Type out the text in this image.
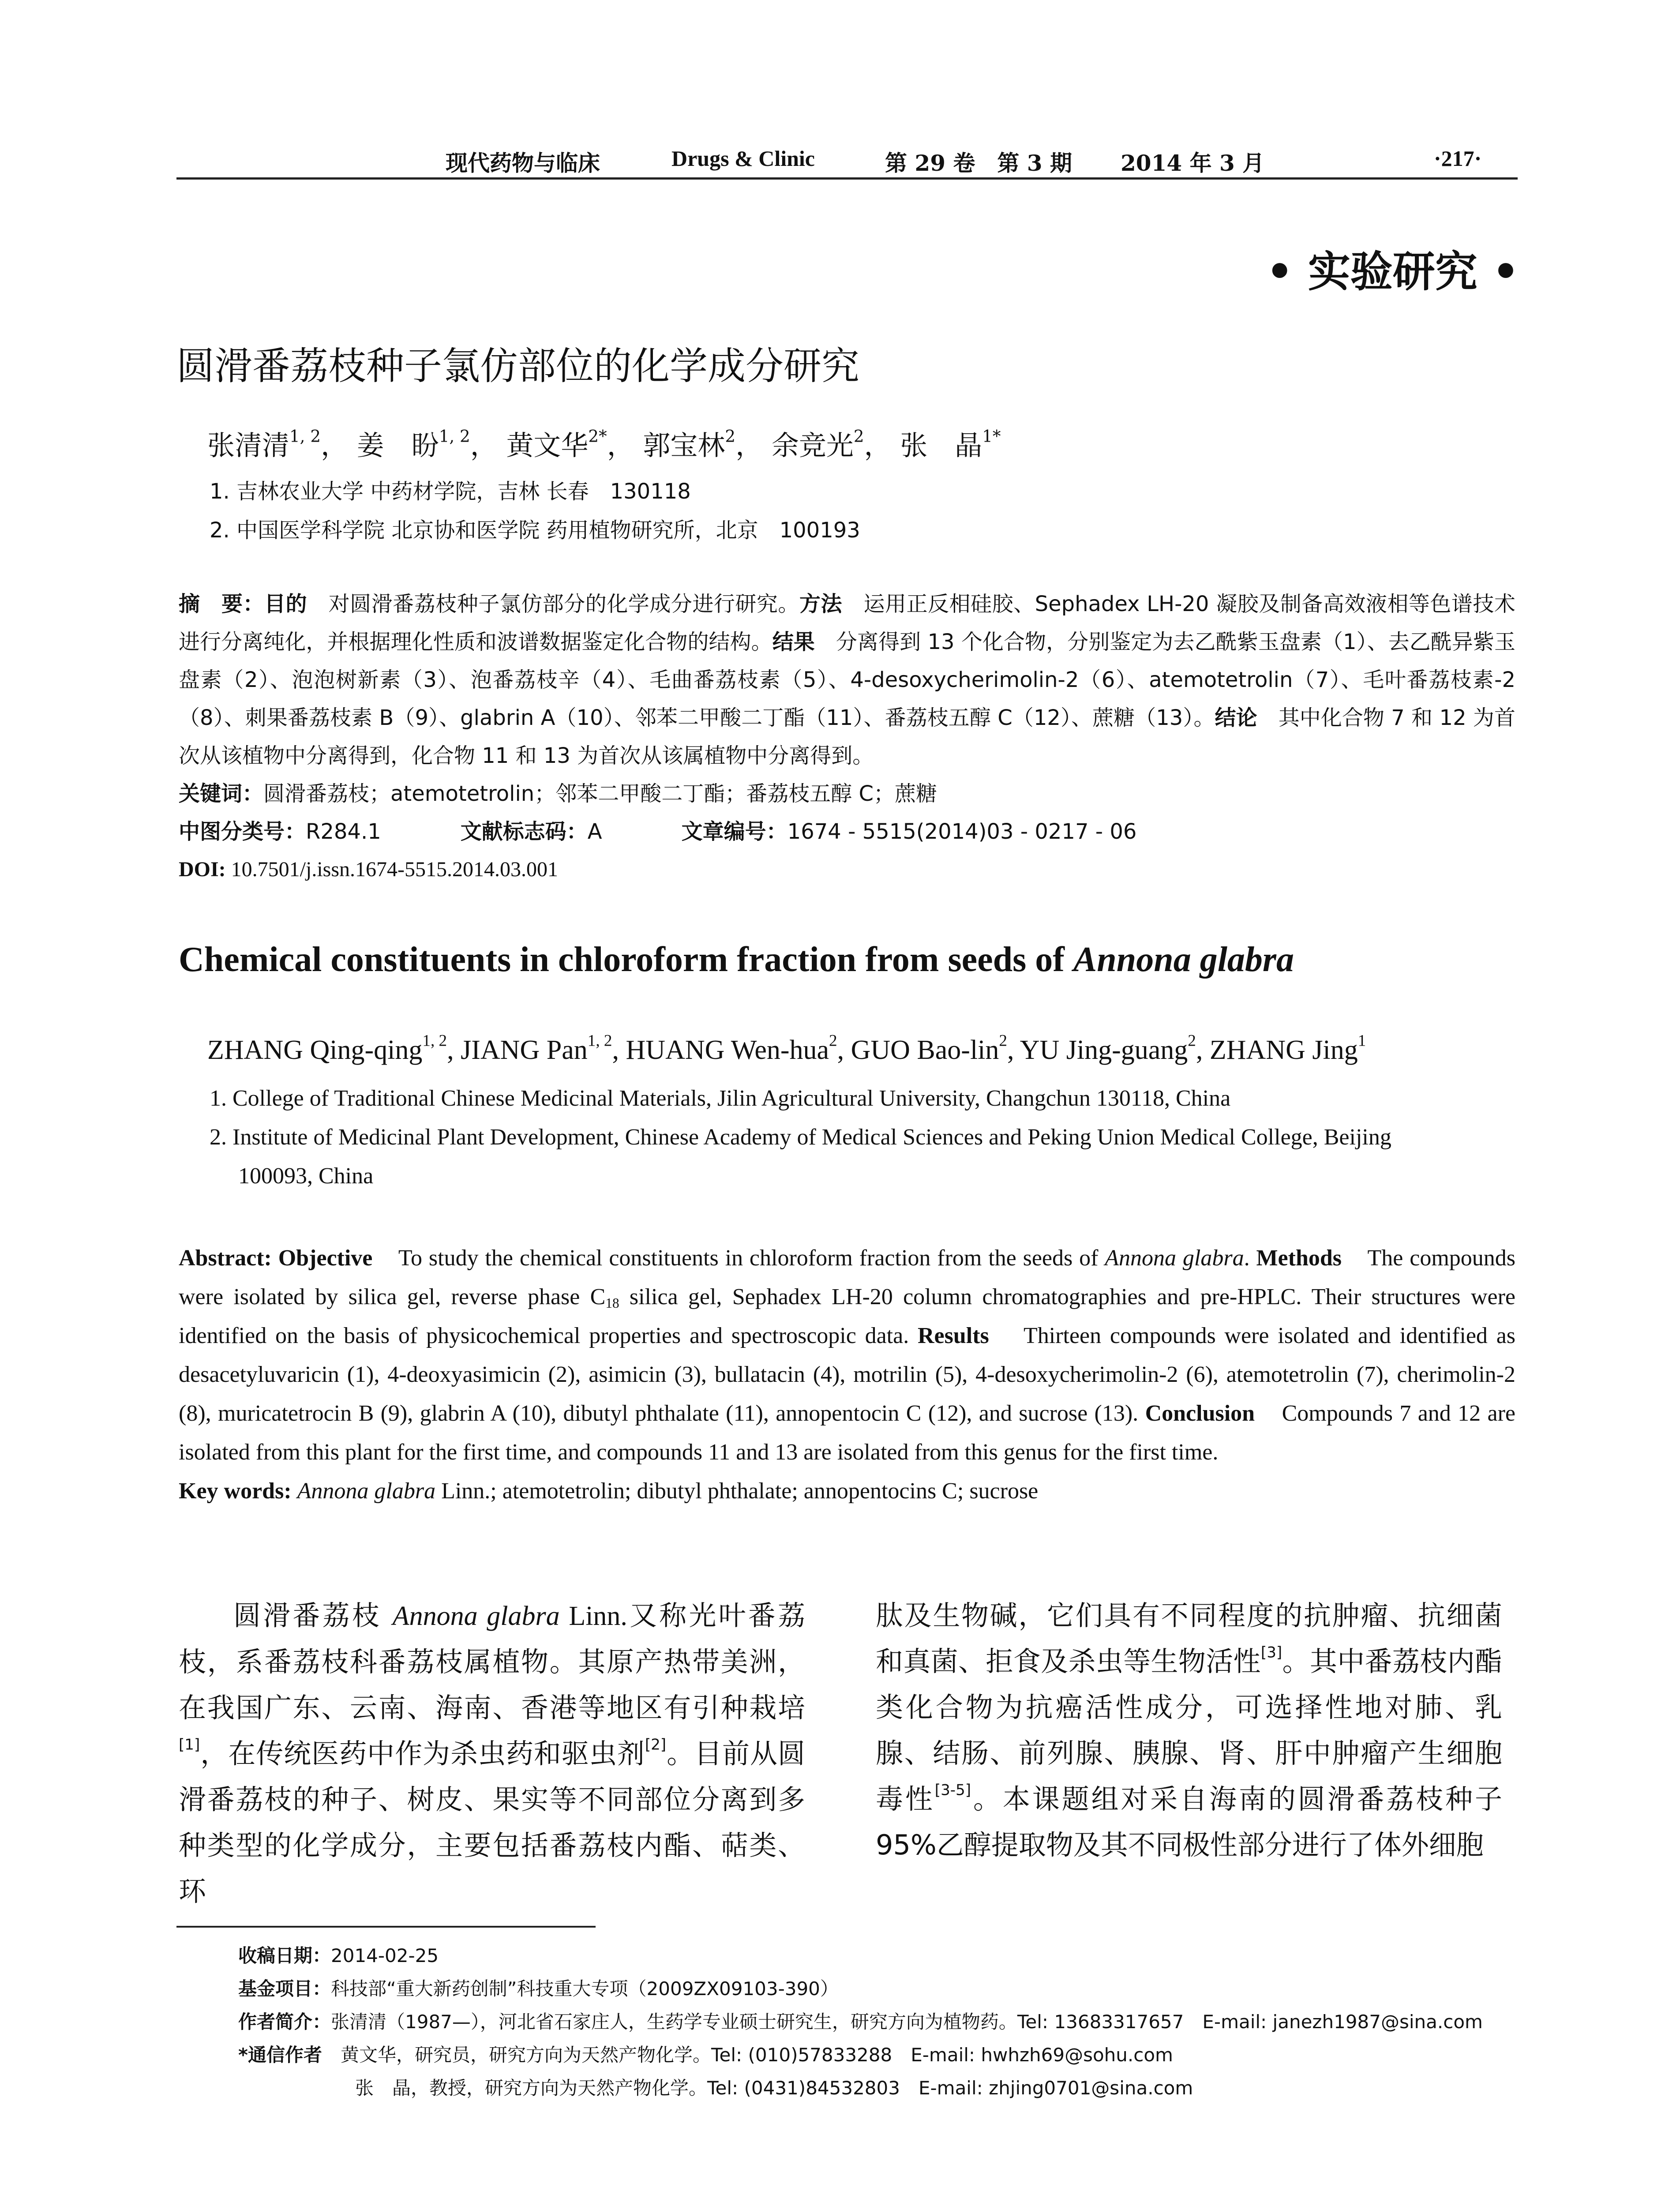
现代药物与临床	Drugs & Clinic	第 29 卷　第 3 期 2014 年 3 月	·217·
• 实验研究 •
圆滑番荔枝种子氯仿部位的化学成分研究
张清清$^{1, 2}$， 姜　盼$^{1, 2}$， 黄文华$^{2*}$， 郭宝林$^2$， 余竞光$^2$， 张　晶$^{1*}$
1. 吉林农业大学 中药材学院，吉林 长春　130118
2. 中国医学科学院 北京协和医学院 药用植物研究所，北京　100193

摘　要：目的　 对圆滑番荔枝种子氯仿部分的化学成分进行研究。方法　 运用正反相硅胶、Sephadex LH-20 凝胶及制备高效液相等色谱技术进行分离纯化，并根据理化性质和波谱数据鉴定化合物的结构。结果　 分离得到 13 个化合物，分别鉴定为去乙酰紫玉盘素（1）、去乙酰异紫玉盘素（2）、泡泡树新素（3）、泡番荔枝辛（4）、毛曲番荔枝素（5）、4-desoxycherimolin-2（6）、atemotetrolin（7）、毛叶番荔枝素-2（8）、刺果番荔枝素 B（9）、glabrin A（10）、邻苯二甲酸二丁酯（11）、番荔枝五醇 C（12）、蔗糖（13）。结论　 其中化合物 7 和 12 为首次从该植物中分离得到，化合物 11 和 13 为首次从该属植物中分离得到。

关键词：圆滑番荔枝；atemotetrolin；邻苯二甲酸二丁酯；番荔枝五醇 C；蔗糖

中图分类号：R284.1	文献标志码：A	文章编号：1674 - 5515(2014)03 - 0217 - 06

DOI: 10.7501/j.issn.1674-5515.2014.03.001

Chemical constituents in chloroform fraction from seeds of Annona glabra
ZHANG Qing-qing$^{1, 2}$, JIANG Pan$^{1, 2}$, HUANG Wen-hua$^2$, GUO Bao-lin$^2$, YU Jing-guang$^2$, ZHANG Jing$^1$
1. College of Traditional Chinese Medicinal Materials, Jilin Agricultural University, Changchun 130118, China
2. Institute of Medicinal Plant Development, Chinese Academy of Medical Sciences and Peking Union Medical College, Beijing
100093, China

Abstract: Objective To study the chemical constituents in chloroform fraction from the seeds of Annona glabra. Methods The compounds were isolated by silica gel, reverse phase $C_{18}$ silica gel, Sephadex LH-20 column chromatographies and pre-HPLC. Their structures were identified on the basis of physicochemical properties and spectroscopic data. Results Thirteen compounds were isolated and identified as desacetyluvaricin (1), 4-deoxyasimicin (2), asimicin (3), bullatacin (4), motrilin (5), 4-desoxycherimolin-2 (6), atemotetrolin (7), cherimolin-2 (8), muricatetrocin B (9), glabrin A (10), dibutyl phthalate (11), annopentocin C (12), and sucrose (13). Conclusion Compounds 7 and 12 are isolated from this plant for the first time, and compounds 11 and 13 are isolated from this genus for the first time.

Key words: Annona glabra Linn.; atemotetrolin; dibutyl phthalate; annopentocins C; sucrose

圆滑番荔枝 Annona glabra Linn.又称光叶番荔枝，系番荔枝科番荔枝属植物。其原产热带美洲，在我国广东、云南、海南、香港等地区有引种栽培[1]，在传统医药中作为杀虫药和驱虫剂[2]。目前从圆滑番荔枝的种子、树皮、果实等不同部位分离到多种类型的化学成分，主要包括番荔枝内酯、萜类、环
肽及生物碱，它们具有不同程度的抗肿瘤、抗细菌和真菌、拒食及杀虫等生物活性[3]。其中番荔枝内酯类化合物为抗癌活性成分，可选择性地对肺、乳腺、结肠、前列腺、胰腺、肾、肝中肿瘤产生细胞毒性[3-5]。本课题组对采自海南的圆滑番荔枝种子95%乙醇提取物及其不同极性部分进行了体外细胞
收稿日期：2014-02-25
基金项目：科技部“重大新药创制”科技重大专项（2009ZX09103-390）
作者简介：张清清（1987—），河北省石家庄人，生药学专业硕士研究生，研究方向为植物药。Tel: 13683317657　E-mail: janezh1987@sina.com
*通信作者　 黄文华，研究员，研究方向为天然产物化学。Tel: (010)57833288　E-mail: hwhzh69@sohu.com
张　晶，教授，研究方向为天然产物化学。Tel: (0431)84532803　E-mail: zhjing0701@sina.com
